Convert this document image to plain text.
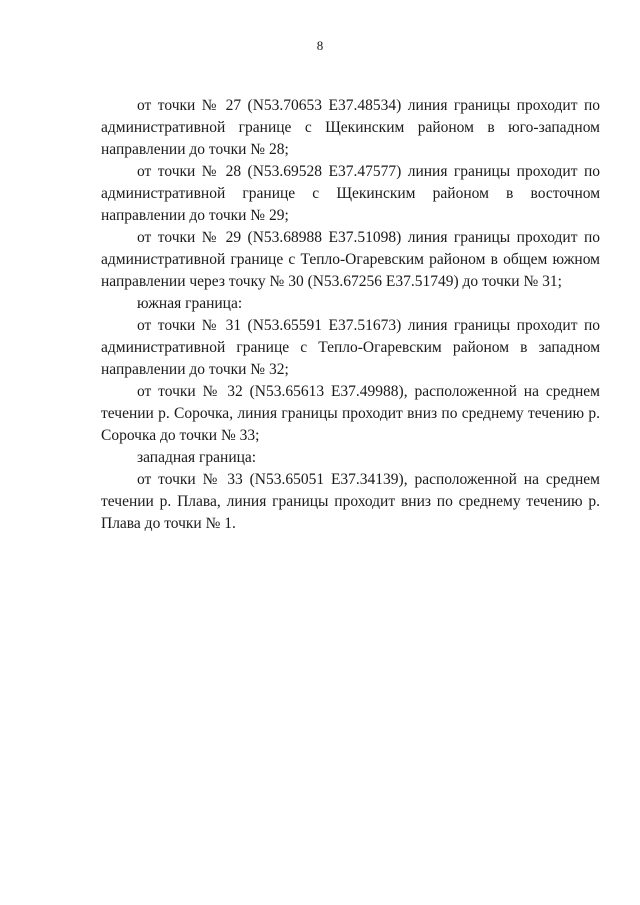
8

от точки № 27 (N53.70653 E37.48534) линия границы проходит по административной границе с Щекинским районом в юго-западном направлении до точки № 28;

от точки № 28 (N53.69528 E37.47577) линия границы проходит по административной границе с Щекинским районом в восточном направлении до точки № 29;

от точки № 29 (N53.68988 E37.51098) линия границы проходит по административной границе с Тепло-Огаревским районом в общем южном направлении через точку № 30 (N53.67256 E37.51749) до точки № 31;

южная граница:

от точки № 31 (N53.65591 E37.51673) линия границы проходит по административной границе с Тепло-Огаревским районом в западном направлении до точки № 32;

от точки № 32 (N53.65613 E37.49988), расположенной на среднем течении р. Сорочка, линия границы проходит вниз по среднему течению р. Сорочка до точки № 33;

западная граница:

от точки № 33 (N53.65051 E37.34139), расположенной на среднем течении р. Плава, линия границы проходит вниз по среднему течению р. Плава до точки № 1.
